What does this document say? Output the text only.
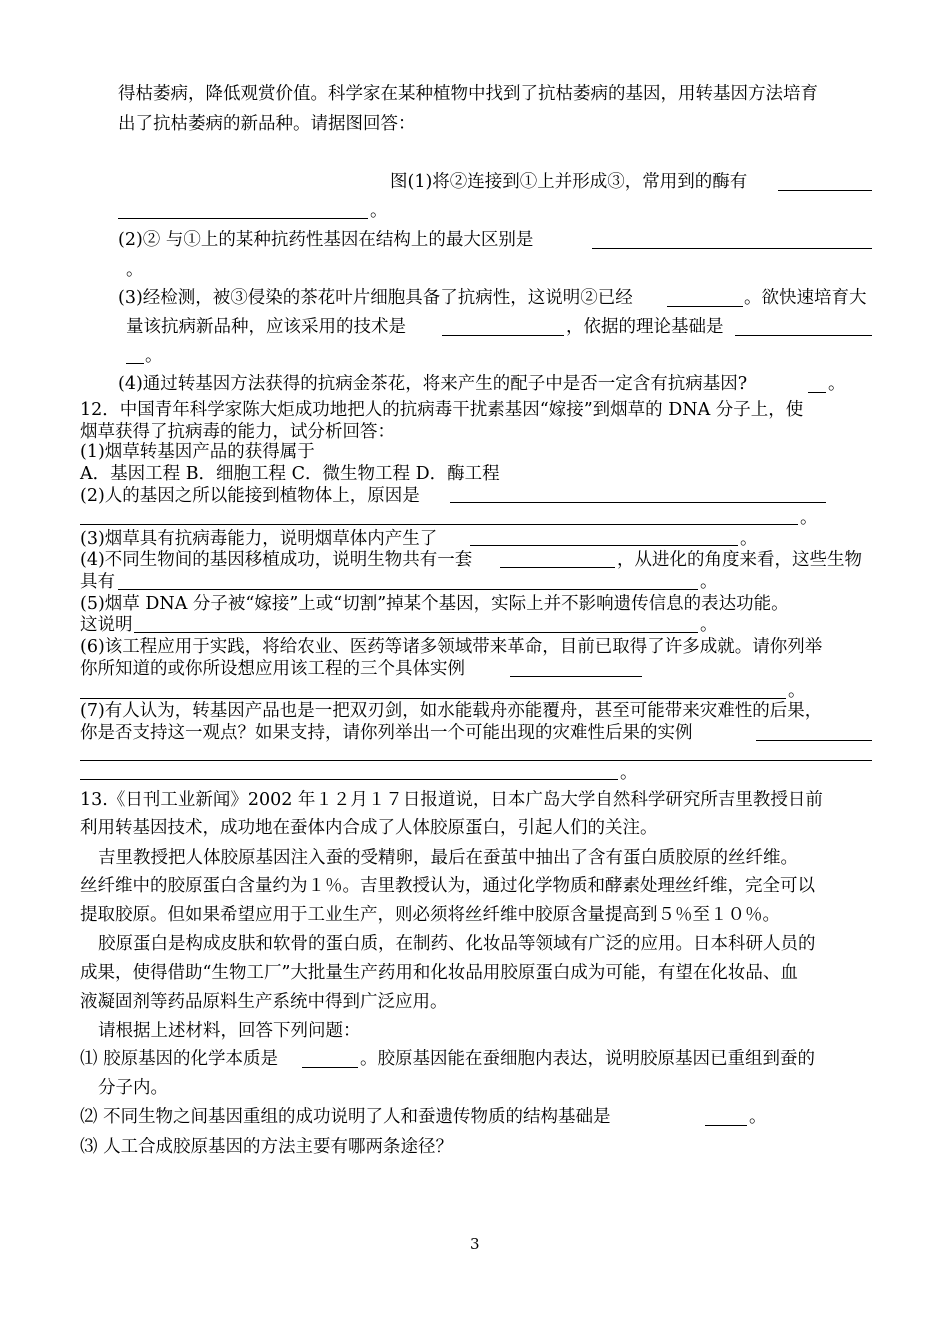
得枯萎病，降低观赏价值。科学家在某种植物中找到了抗枯萎病的基因，用转基因方法培育
出了抗枯萎病的新品种。请据图回答：
图(1)将②连接到①上并形成③，常用到的酶有
。
(2)② 与①上的某种抗药性基因在结构上的最大区别是
。
(3)经检测，被③侵染的茶花叶片细胞具备了抗病性，这说明②已经	。欲快速培育大
量该抗病新品种，应该采用的技术是	，依据的理论基础是
。
(4)通过转基因方法获得的抗病金茶花，将来产生的配子中是否一定含有抗病基因?	。
12．中国青年科学家陈大炬成功地把人的抗病毒干扰素基因“嫁接”到烟草的 DNA 分子上，使
烟草获得了抗病毒的能力，试分析回答：
(1)烟草转基因产品的获得属于
A．基因工程 B．细胞工程 C．微生物工程 D．酶工程
(2)人的基因之所以能接到植物体上，原因是
。
(3)烟草具有抗病毒能力，说明烟草体内产生了	。
(4)不同生物间的基因移植成功，说明生物共有一套	，从进化的角度来看，这些生物
具有	。
(5)烟草 DNA 分子被“嫁接”上或“切割”掉某个基因，实际上并不影响遗传信息的表达功能。
这说明	。
(6)该工程应用于实践，将给农业、医药等诸多领域带来革命，目前已取得了许多成就。请你列举
你所知道的或你所设想应用该工程的三个具体实例
。
(7)有人认为，转基因产品也是一把双刃剑，如水能载舟亦能覆舟，甚至可能带来灾难性的后果，
你是否支持这一观点？如果支持，请你列举出一个可能出现的灾难性后果的实例
。
13.《日刊工业新闻》2002 年１２月１７日报道说，日本广岛大学自然科学研究所吉里教授日前
利用转基因技术，成功地在蚕体内合成了人体胶原蛋白，引起人们的关注。
吉里教授把人体胶原基因注入蚕的受精卵，最后在蚕茧中抽出了含有蛋白质胶原的丝纤维。
丝纤维中的胶原蛋白含量约为１％。吉里教授认为，通过化学物质和酵素处理丝纤维，完全可以
提取胶原。但如果希望应用于工业生产，则必须将丝纤维中胶原含量提高到５％至１０％。
胶原蛋白是构成皮肤和软骨的蛋白质，在制药、化妆品等领域有广泛的应用。日本科研人员的
成果，使得借助“生物工厂”大批量生产药用和化妆品用胶原蛋白成为可能，有望在化妆品、血
液凝固剂等药品原料生产系统中得到广泛应用。
请根据上述材料，回答下列问题：
⑴ 胶原基因的化学本质是	。胶原基因能在蚕细胞内表达，说明胶原基因已重组到蚕的
分子内。
⑵ 不同生物之间基因重组的成功说明了人和蚕遗传物质的结构基础是	。
⑶ 人工合成胶原基因的方法主要有哪两条途径？
3
